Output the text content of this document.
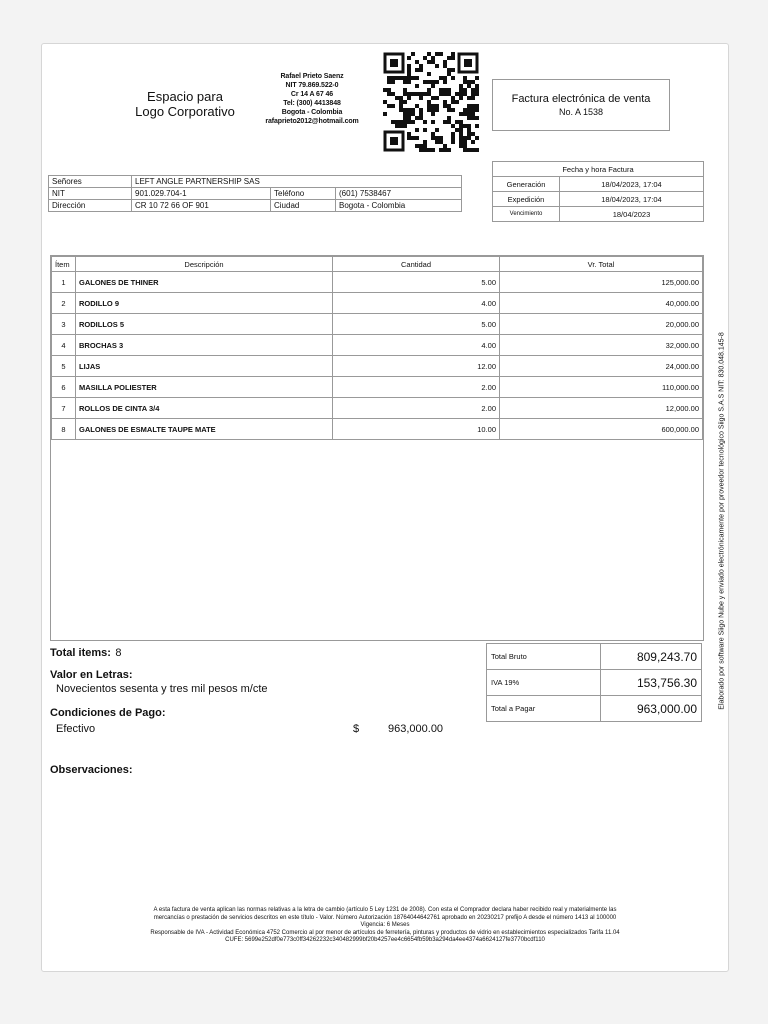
Espacio para
Logo Corporativo
Rafael Prieto Saenz
NIT 79.869.522-0
Cr 14 A 67 46
Tel: (300) 4413848
Bogota - Colombia
rafaprieto2012@hotmail.com
Factura electrónica de venta
No. A 1538
Señores	LEFT ANGLE PARTNERSHIP SAS		
NIT	901.029.704-1	Teléfono	(601) 7538467
Dirección	CR 10 72 66 OF 901	Ciudad	Bogota - Colombia
Fecha y hora Factura	
Generación	18/04/2023, 17:04
Expedición	18/04/2023, 17:04
Vencimiento	18/04/2023
Ítem	Descripción	Cantidad	Vr. Total
1	GALONES DE THINER	5.00	125,000.00
2	RODILLO 9	4.00	40,000.00
3	RODILLOS 5	5.00	20,000.00
4	BROCHAS 3	4.00	32,000.00
5	LIJAS	12.00	24,000.00
6	MASILLA POLIESTER	2.00	110,000.00
7	ROLLOS DE CINTA 3/4	2.00	12,000.00
8	GALONES DE ESMALTE TAUPE MATE	10.00	600,000.00
Total items: 8
Valor en Letras:
Novecientos sesenta y tres mil pesos m/cte
Condiciones de Pago:
Efectivo	$	963,000.00
Observaciones:
Total Bruto	809,243.70
IVA 19%	153,756.30
Total a Pagar	963,000.00
A esta factura de venta aplican las normas relativas a la letra de cambio (artículo 5 Ley 1231 de 2008). Con esta el Comprador declara haber recibido real y materialmente las
mercancías o prestación de servicios descritos en este título - Valor. Número Autorización 18764044642761 aprobado en 20230217 prefijo A desde el número 1413 al 100000
Vigencia: 6 Meses
Responsable de IVA - Actividad Económica 4752 Comercio al por menor de artículos de ferretería, pinturas y productos de vidrio en establecimientos especializados Tarifa 11.04
CUFE: 5699e252df0e773c0ff34262232c340482999bf20b4257ee4c6654fb59b3a294da4ee4374a6624127fe3770bcdf110
Elaborado por software Siigo Nube y enviado electrónicamente por proveedor tecnológico Siigo S.A.S NIT: 830.048.145-8
